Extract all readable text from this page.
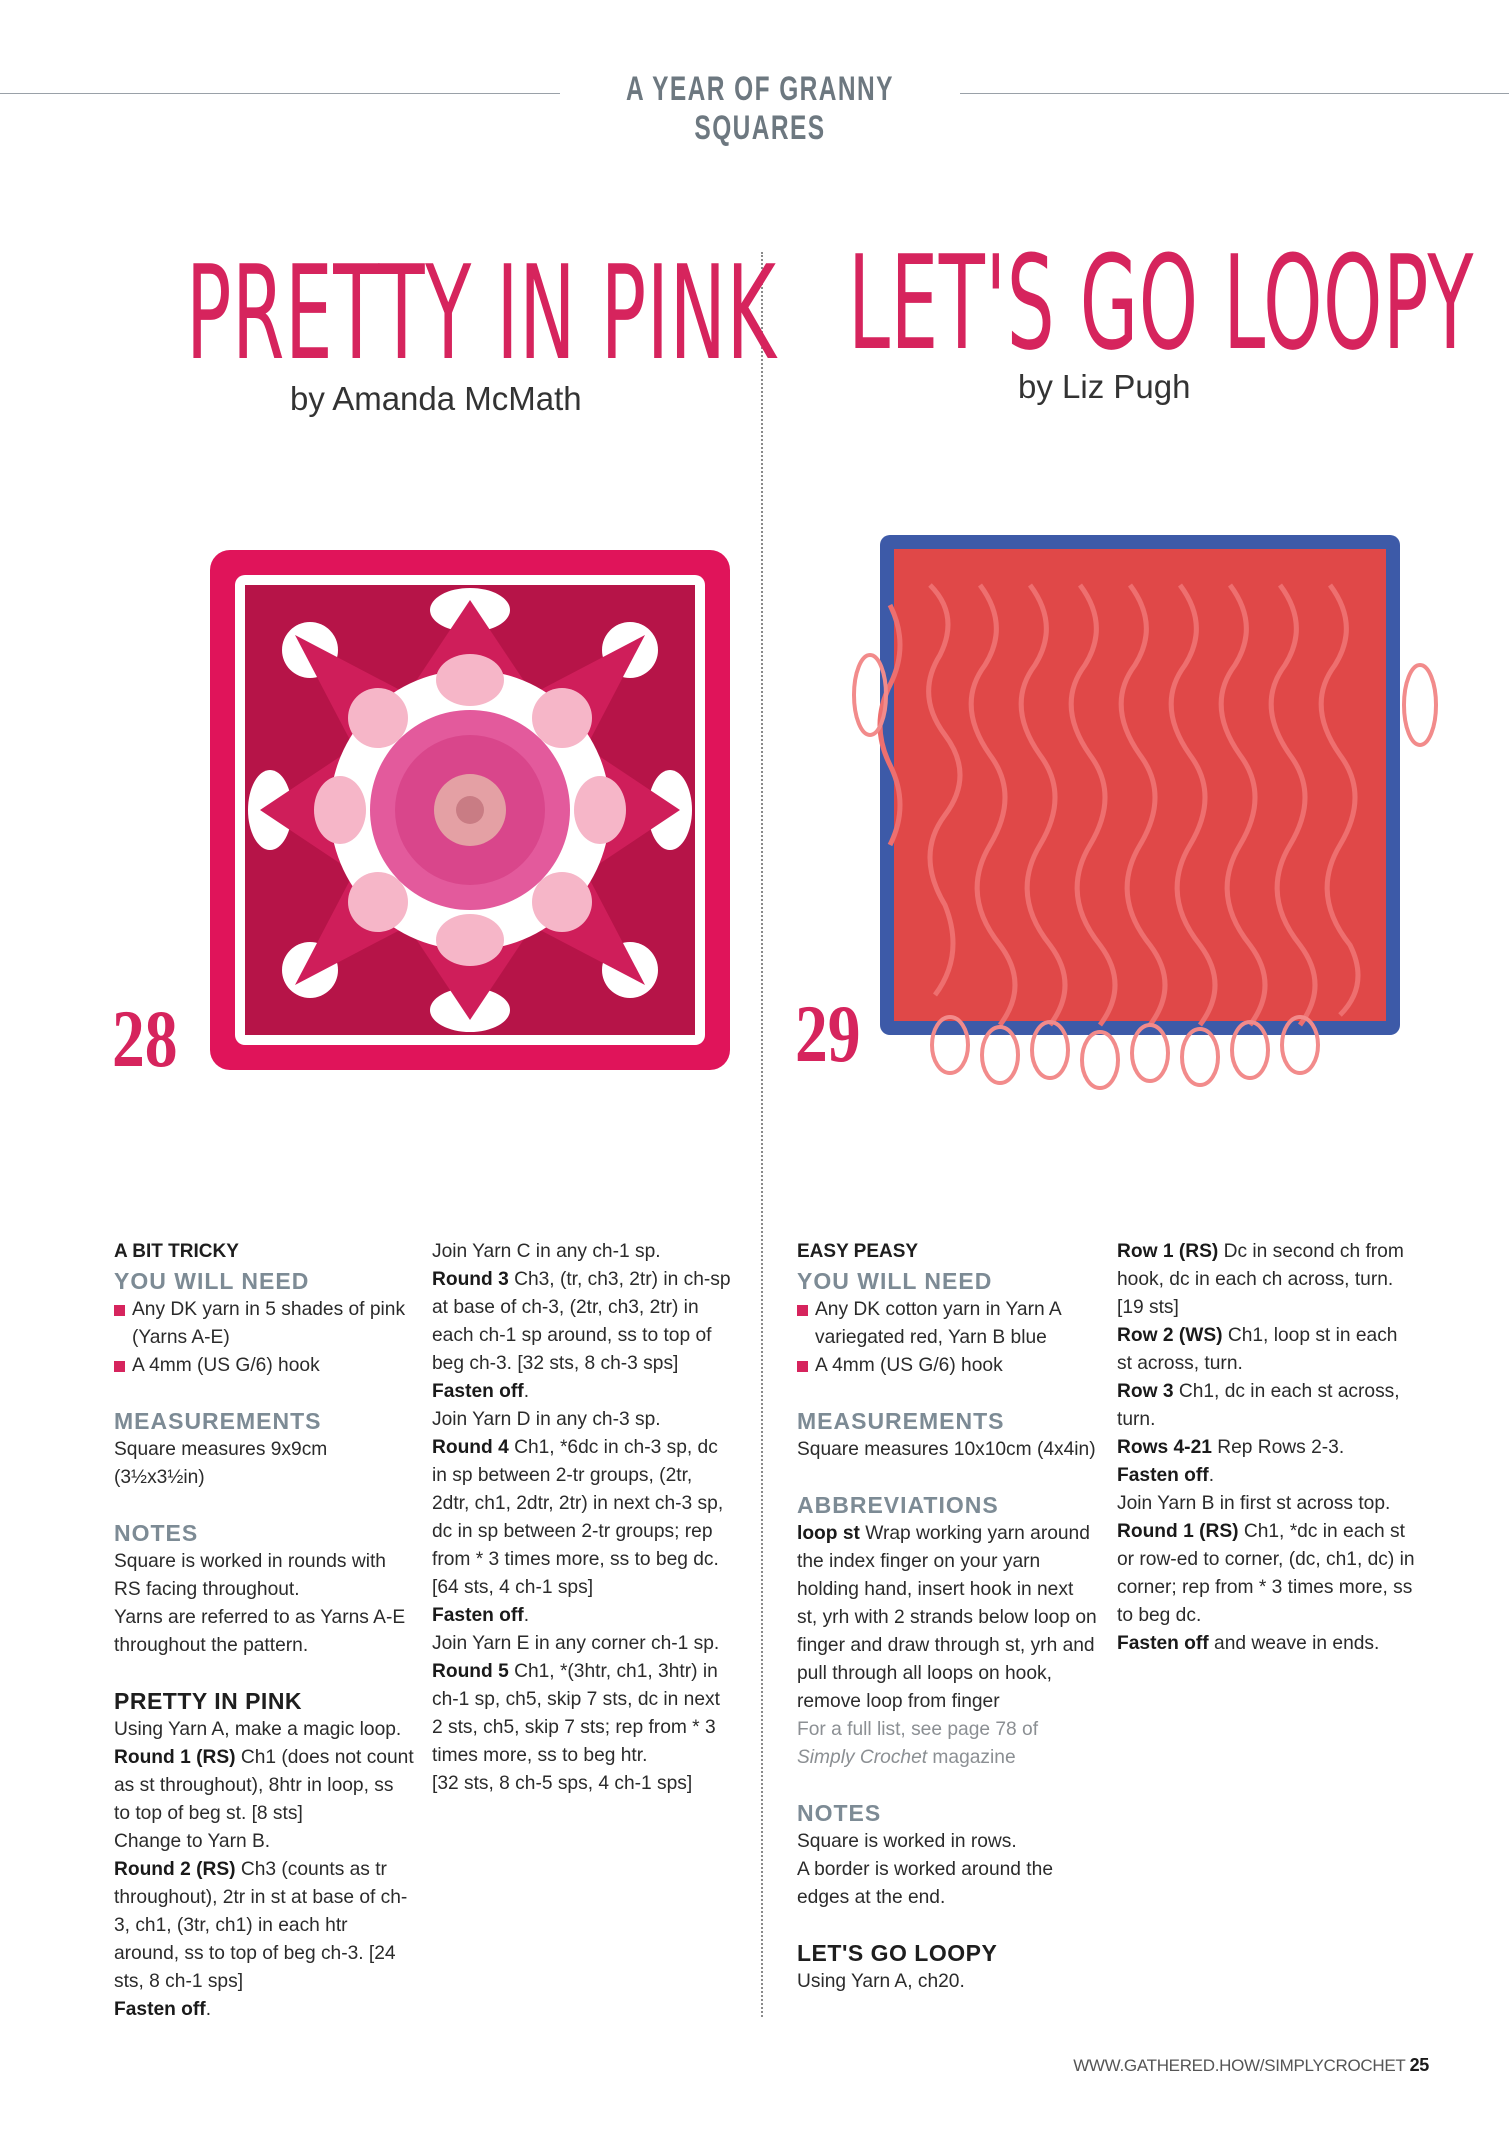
A YEAR OF GRANNY SQUARES
PRETTY IN PINK
by Amanda McMath
LET'S GO LOOPY
by Liz Pugh
28	29

A BIT TRICKY

YOU WILL NEED

Any DK yarn in 5 shades of pink (Yarns A-E)

A 4mm (US G/6) hook

MEASUREMENTS

Square measures 9x9cm (3½x3½in)

NOTES

Square is worked in rounds with RS facing throughout.

Yarns are referred to as Yarns A-E throughout the pattern.

PRETTY IN PINK

Using Yarn A, make a magic loop.

Round 1 (RS) Ch1 (does not count as st throughout), 8htr in loop, ss to top of beg st. [8 sts]

Change to Yarn B.

Round 2 (RS) Ch3 (counts as tr throughout), 2tr in st at base of ch-3, ch1, (3tr, ch1) in each htr around, ss to top of beg ch-3. [24 sts, 8 ch-1 sps]

Fasten off.

Join Yarn C in any ch-1 sp.

Round 3 Ch3, (tr, ch3, 2tr) in ch-sp at base of ch-3, (2tr, ch3, 2tr) in each ch-1 sp around, ss to top of beg ch-3. [32 sts, 8 ch-3 sps]

Fasten off.

Join Yarn D in any ch-3 sp.

Round 4 Ch1, *6dc in ch-3 sp, dc in sp between 2-tr groups, (2tr, 2dtr, ch1, 2dtr, 2tr) in next ch-3 sp, dc in sp between 2-tr groups; rep from * 3 times more, ss to beg dc. [64 sts, 4 ch-1 sps]

Fasten off.

Join Yarn E in any corner ch-1 sp.

Round 5 Ch1, *(3htr, ch1, 3htr) in ch-1 sp, ch5, skip 7 sts, dc in next 2 sts, ch5, skip 7 sts; rep from * 3 times more, ss to beg htr.

[32 sts, 8 ch-5 sps, 4 ch-1 sps]

EASY PEASY

YOU WILL NEED

Any DK cotton yarn in Yarn A variegated red, Yarn B blue

A 4mm (US G/6) hook

MEASUREMENTS

Square measures 10x10cm (4x4in)

ABBREVIATIONS

loop st Wrap working yarn around the index finger on your yarn holding hand, insert hook in next st, yrh with 2 strands below loop on finger and draw through st, yrh and pull through all loops on hook, remove loop from finger

For a full list, see page 78 of

Simply Crochet magazine

NOTES

Square is worked in rows.

A border is worked around the edges at the end.

LET'S GO LOOPY

Using Yarn A, ch20.

Row 1 (RS) Dc in second ch from hook, dc in each ch across, turn. [19 sts]

Row 2 (WS) Ch1, loop st in each st across, turn.

Row 3 Ch1, dc in each st across, turn.

Rows 4-21 Rep Rows 2-3.

Fasten off.

Join Yarn B in first st across top.

Round 1 (RS) Ch1, *dc in each st or row-ed to corner, (dc, ch1, dc) in corner; rep from * 3 times more, ss to beg dc.

Fasten off and weave in ends.

WWW.GATHERED.HOW/SIMPLYCROCHET 25
